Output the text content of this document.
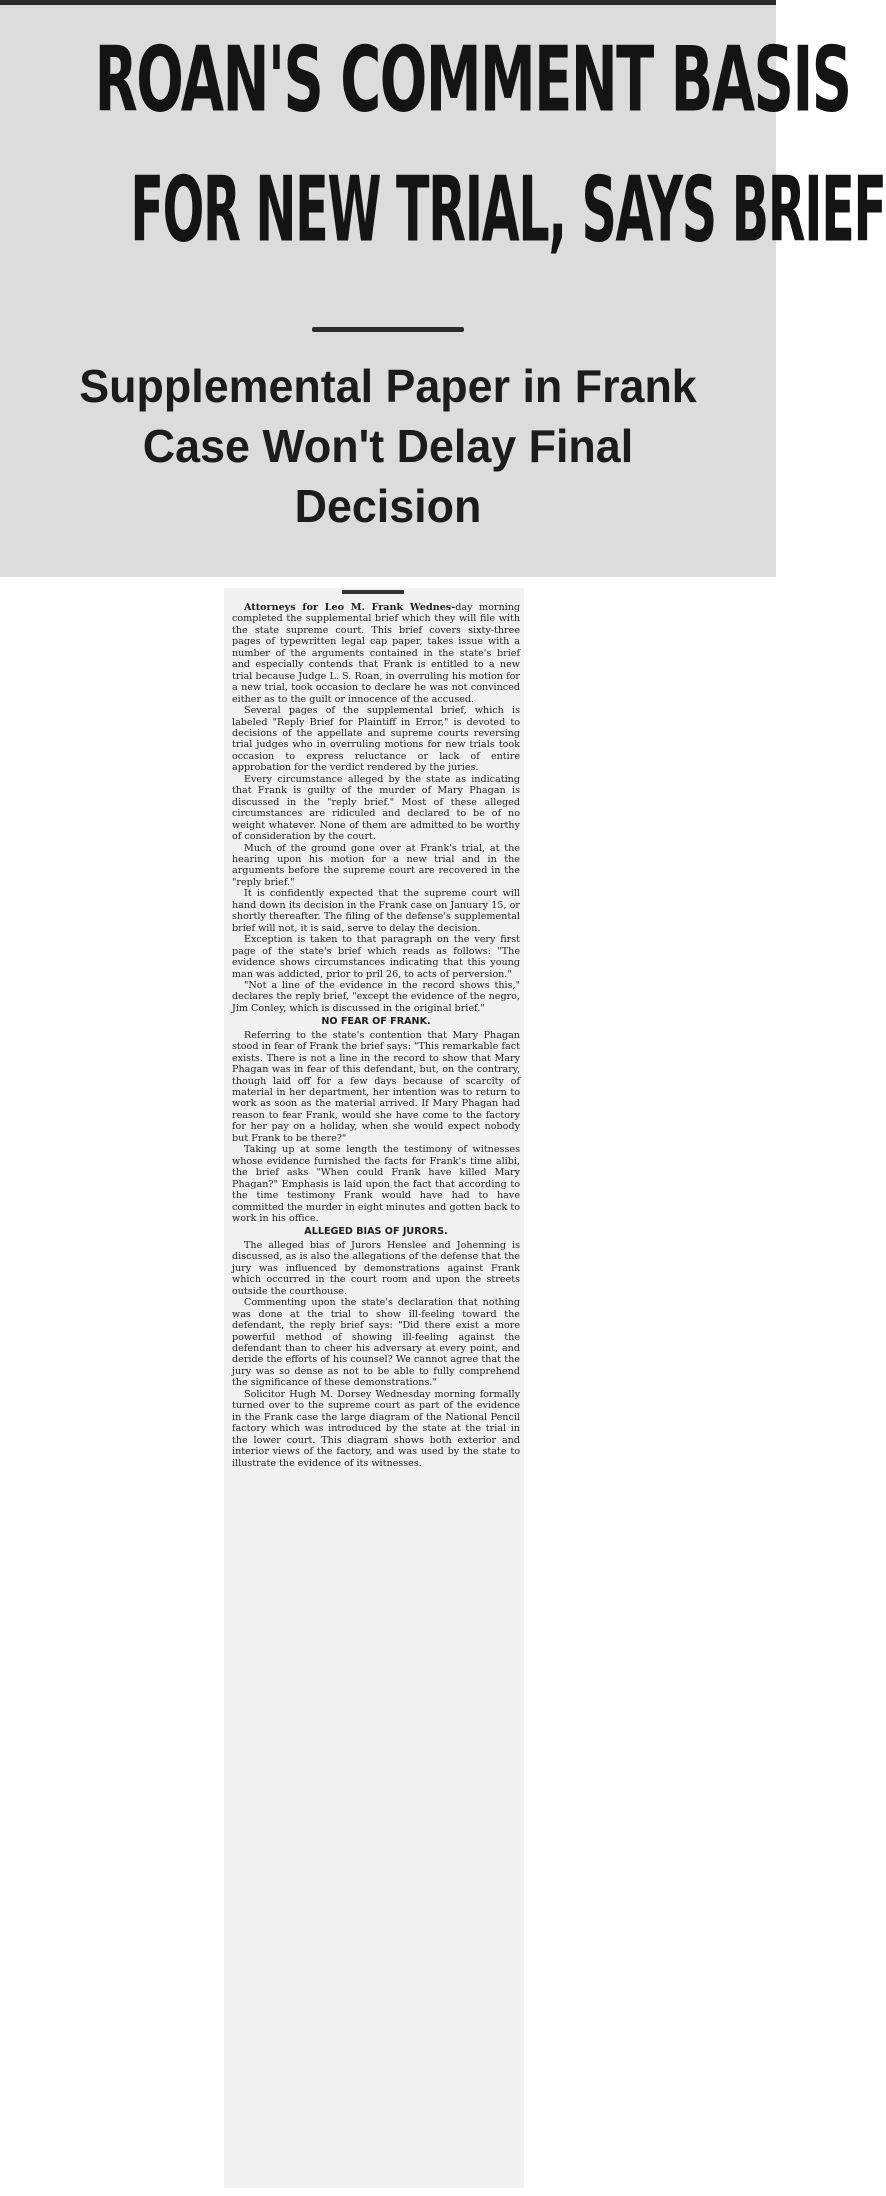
ROAN'S COMMENT BASIS
FOR NEW TRIAL, SAYS BRIEF
Supplemental Paper in Frank
Case Won't Delay Final
Decision

Attorneys for Leo M. Frank Wednes-day morning completed the supplemental brief which they will file with the state supreme court. This brief covers sixty-three pages of typewritten legal cap paper, takes issue with a number of the arguments contained in the state's brief and especially contends that Frank is entitled to a new trial because Judge L. S. Roan, in overruling his motion for a new trial, took occasion to declare he was not convinced either as to the guilt or innocence of the accused.

Several pages of the supplemental brief, which is labeled "Reply Brief for Plaintiff in Error," is devoted to decisions of the appellate and supreme courts reversing trial judges who in overruling motions for new trials took occasion to express reluctance or lack of entire approbation for the verdict rendered by the juries.

Every circumstance alleged by the state as indicating that Frank is guilty of the murder of Mary Phagan is discussed in the "reply brief." Most of these alleged circumstances are ridiculed and declared to be of no weight whatever. None of them are admitted to be worthy of consideration by the court.

Much of the ground gone over at Frank's trial, at the hearing upon his motion for a new trial and in the arguments before the supreme court are recovered in the "reply brief."

It is confidently expected that the supreme court will hand down its decision in the Frank case on January 15, or shortly thereafter. The filing of the defense's supplemental brief will not, it is said, serve to delay the decision.

Exception is taken to that paragraph on the very first page of the state's brief which reads as follows: "The evidence shows circumstances indicating that this young man was addicted, prior to pril 26, to acts of perversion."

"Not a line of the evidence in the record shows this," declares the reply brief, "except the evidence of the negro, Jim Conley, which is discussed in the original brief."

NO FEAR OF FRANK.

Referring to the state's contention that Mary Phagan stood in fear of Frank the brief says: "This remarkable fact exists. There is not a line in the record to show that Mary Phagan was in fear of this defendant, but, on the contrary, though laid off for a few days because of scarcity of material in her department, her intention was to return to work as soon as the material arrived. If Mary Phagan had reason to fear Frank, would she have come to the factory for her pay on a holiday, when she would expect nobody but Frank to be there?"

Taking up at some length the testimony of witnesses whose evidence furnished the facts for Frank's time alibi, the brief asks "When could Frank have killed Mary Phagan?" Emphasis is laid upon the fact that according to the time testimony Frank would have had to have committed the murder in eight minutes and gotten back to work in his office.

ALLEGED BIAS OF JURORS.

The alleged bias of Jurors Henslee and Johenning is discussed, as is also the allegations of the defense that the jury was influenced by demonstrations against Frank which occurred in the court room and upon the streets outside the courthouse.

Commenting upon the state's declaration that nothing was done at the trial to show ill-feeling toward the defendant, the reply brief says: "Did there exist a more powerful method of showing ill-feeling against the defendant than to cheer his adversary at every point, and deride the efforts of his counsel? We cannot agree that the jury was so dense as not to be able to fully comprehend the significance of these demonstrations."

Solicitor Hugh M. Dorsey Wednesday morning formally turned over to the supreme court as part of the evidence in the Frank case the large diagram of the National Pencil factory which was introduced by the state at the trial in the lower court. This diagram shows both exterior and interior views of the factory, and was used by the state to illustrate the evidence of its witnesses.
